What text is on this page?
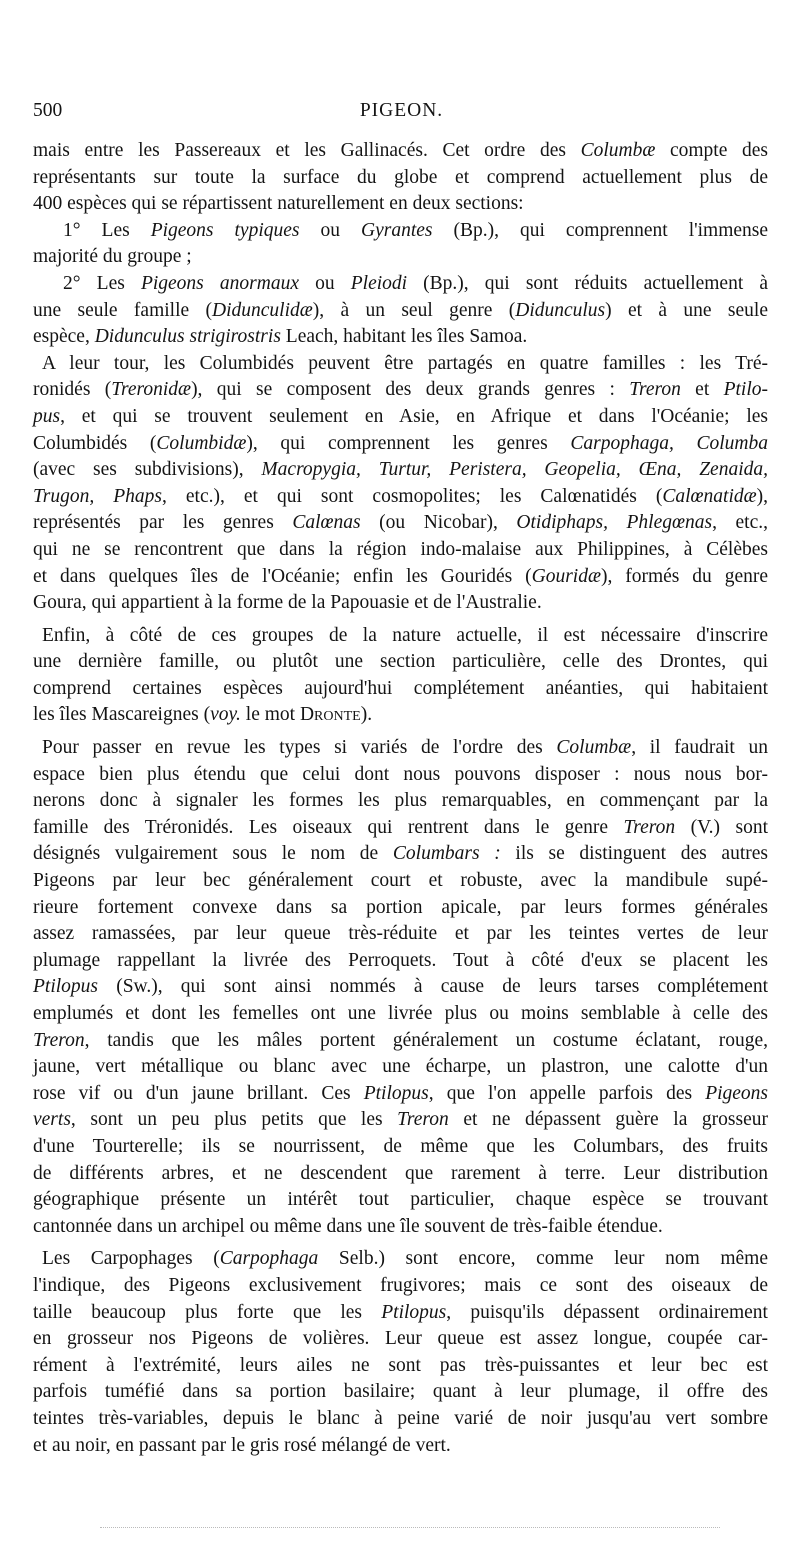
500	PIGEON.
mais entre les Passereaux et les Gallinacés. Cet ordre des Columbæ compte des
représentants sur toute la surface du globe et comprend actuellement plus de
400 espèces qui se répartissent naturellement en deux sections:
1° Les Pigeons typiques ou Gyrantes (Bp.), qui comprennent l'immense
majorité du groupe ;
2° Les Pigeons anormaux ou Pleiodi (Bp.), qui sont réduits actuellement à
une seule famille (Didunculidæ), à un seul genre (Didunculus) et à une seule
espèce, Didunculus strigirostris Leach, habitant les îles Samoa.
A leur tour, les Columbidés peuvent être partagés en quatre familles : les Tré-
ronidés (Treronidæ), qui se composent des deux grands genres : Treron et Ptilo-
pus, et qui se trouvent seulement en Asie, en Afrique et dans l'Océanie; les
Columbidés (Columbidæ), qui comprennent les genres Carpophaga, Columba
(avec ses subdivisions), Macropygia, Turtur, Peristera, Geopelia, Œna, Zenaida,
Trugon, Phaps, etc.), et qui sont cosmopolites; les Calœnatidés (Calœnatidæ),
représentés par les genres Calœnas (ou Nicobar), Otidiphaps, Phlegœnas, etc.,
qui ne se rencontrent que dans la région indo-malaise aux Philippines, à Célèbes
et dans quelques îles de l'Océanie; enfin les Gouridés (Gouridæ), formés du genre
Goura, qui appartient à la forme de la Papouasie et de l'Australie.
Enfin, à côté de ces groupes de la nature actuelle, il est nécessaire d'inscrire
une dernière famille, ou plutôt une section particulière, celle des Drontes, qui
comprend certaines espèces aujourd'hui complétement anéanties, qui habitaient
les îles Mascareignes (voy. le mot Dronte).
Pour passer en revue les types si variés de l'ordre des Columbæ, il faudrait un
espace bien plus étendu que celui dont nous pouvons disposer : nous nous bor-
nerons donc à signaler les formes les plus remarquables, en commençant par la
famille des Tréronidés. Les oiseaux qui rentrent dans le genre Treron (V.) sont
désignés vulgairement sous le nom de Columbars : ils se distinguent des autres
Pigeons par leur bec généralement court et robuste, avec la mandibule supé-
rieure fortement convexe dans sa portion apicale, par leurs formes générales
assez ramassées, par leur queue très-réduite et par les teintes vertes de leur
plumage rappellant la livrée des Perroquets. Tout à côté d'eux se placent les
Ptilopus (Sw.), qui sont ainsi nommés à cause de leurs tarses complétement
emplumés et dont les femelles ont une livrée plus ou moins semblable à celle des
Treron, tandis que les mâles portent généralement un costume éclatant, rouge,
jaune, vert métallique ou blanc avec une écharpe, un plastron, une calotte d'un
rose vif ou d'un jaune brillant. Ces Ptilopus, que l'on appelle parfois des Pigeons
verts, sont un peu plus petits que les Treron et ne dépassent guère la grosseur
d'une Tourterelle; ils se nourrissent, de même que les Columbars, des fruits
de différents arbres, et ne descendent que rarement à terre. Leur distribution
géographique présente un intérêt tout particulier, chaque espèce se trouvant
cantonnée dans un archipel ou même dans une île souvent de très-faible étendue.
Les Carpophages (Carpophaga Selb.) sont encore, comme leur nom même
l'indique, des Pigeons exclusivement frugivores; mais ce sont des oiseaux de
taille beaucoup plus forte que les Ptilopus, puisqu'ils dépassent ordinairement
en grosseur nos Pigeons de volières. Leur queue est assez longue, coupée car-
rément à l'extrémité, leurs ailes ne sont pas très-puissantes et leur bec est
parfois tuméfié dans sa portion basilaire; quant à leur plumage, il offre des
teintes très-variables, depuis le blanc à peine varié de noir jusqu'au vert sombre
et au noir, en passant par le gris rosé mélangé de vert.
